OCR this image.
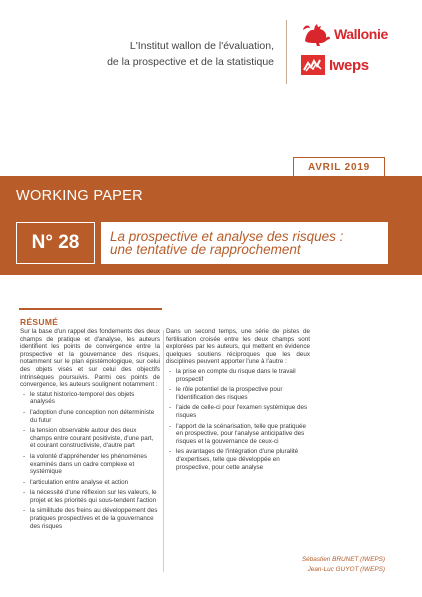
L'Institut wallon de l'évaluation,
de la prospective et de la statistique
Wallonie
Iweps
AVRIL 2019
WORKING PAPER
N° 28	La prospective et analyse des risques :
une tentative de rapprochement
RÉSUMÉ

Sur la base d'un rappel des fondements des deux champs de pratique et d'analyse, les auteurs identifient les points de convergence entre la prospective et la gouvernance des risques, notamment sur le plan épistémologique, sur celui des objets visés et sur celui des objectifs intrinsèques poursuivis. Parmi ces points de convergence, les auteurs soulignent notamment :

- le statut historico-temporel des objets analysés
- l'adoption d'une conception non déterministe du futur
- la tension observable autour des deux champs entre courant positiviste, d'une part, et courant constructiviste, d'autre part
- la volonté d'appréhender les phénomènes examinés dans un cadre complexe et systémique
- l'articulation entre analyse et action
- la nécessité d'une réflexion sur les valeurs, le projet et les priorités qui sous-tendent l'action
- la similitude des freins au développement des pratiques prospectives et de la gouvernance des risques

Dans un second temps, une série de pistes de fertilisation croisée entre les deux champs sont explorées par les auteurs, qui mettent en évidence quelques soutiens réciproques que les deux disciplines peuvent apporter l'une à l'autre :

- la prise en compte du risque dans le travail prospectif
- le rôle potentiel de la prospective pour l'identification des risques
- l'aide de celle-ci pour l'examen systémique des risques
- l'apport de la scénarisation, telle que pratiquée en prospective, pour l'analyse anticipative des risques et la gouvernance de ceux-ci
- les avantages de l'intégration d'une pluralité d'expertises, telle que développée en prospective, pour cette analyse
Sébastien BRUNET (IWEPS)
Jean-Luc GUYOT (IWEPS)
